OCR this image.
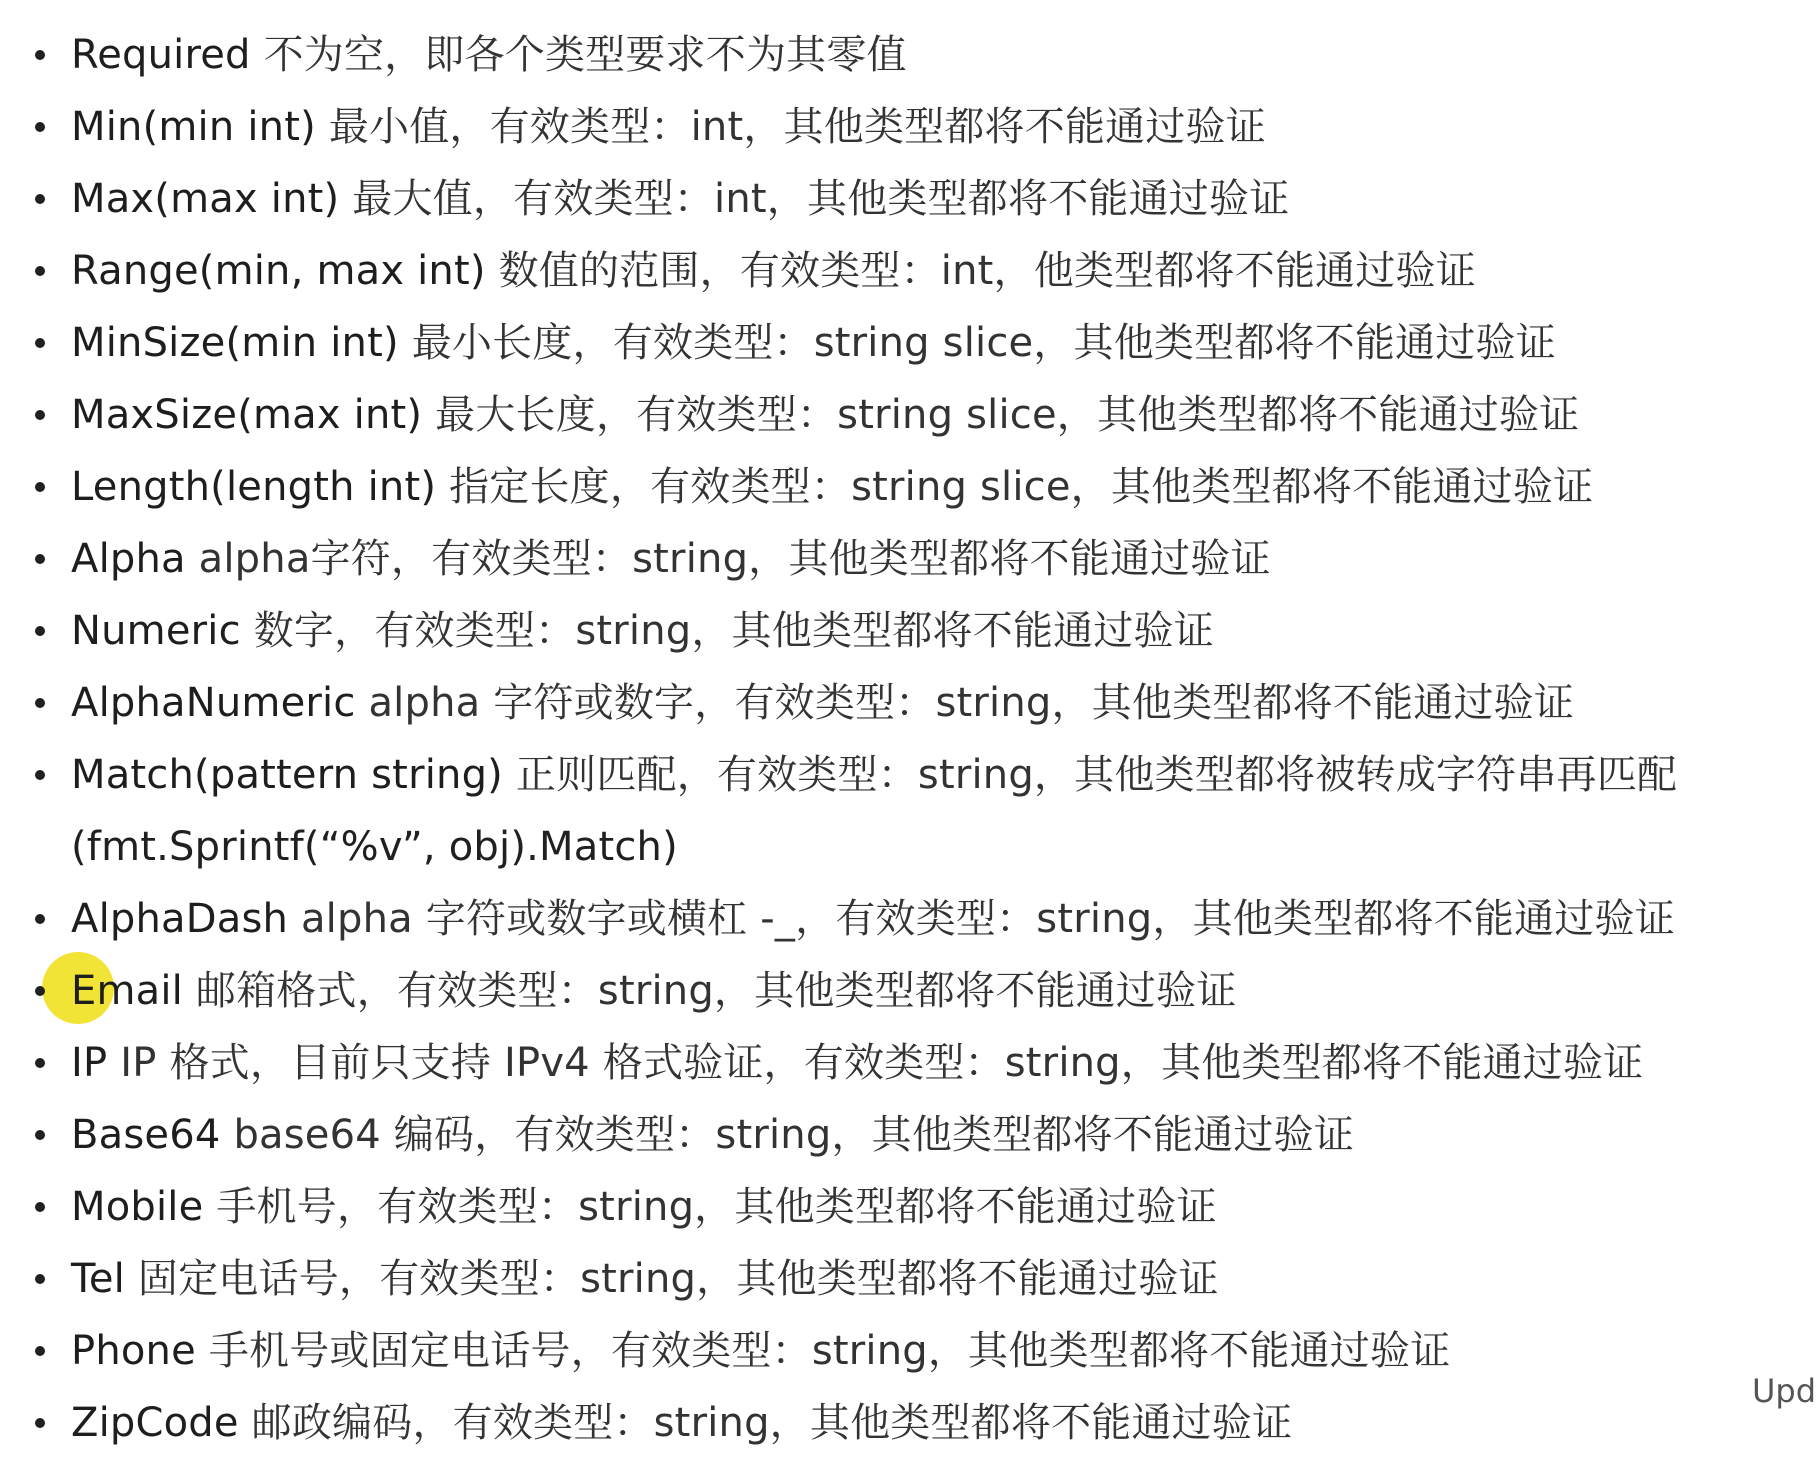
Required 不为空，即各个类型要求不为其零值
Min(min int) 最小值，有效类型：int，其他类型都将不能通过验证
Max(max int) 最大值，有效类型：int，其他类型都将不能通过验证
Range(min, max int) 数值的范围，有效类型：int，他类型都将不能通过验证
MinSize(min int) 最小长度，有效类型：string slice，其他类型都将不能通过验证
MaxSize(max int) 最大长度，有效类型：string slice，其他类型都将不能通过验证
Length(length int) 指定长度，有效类型：string slice，其他类型都将不能通过验证
Alpha alpha字符，有效类型：string，其他类型都将不能通过验证
Numeric 数字，有效类型：string，其他类型都将不能通过验证
AlphaNumeric alpha 字符或数字，有效类型：string，其他类型都将不能通过验证
Match(pattern string) 正则匹配，有效类型：string，其他类型都将被转成字符串再匹配
(fmt.Sprintf(“%v”, obj).Match)
AlphaDash alpha 字符或数字或横杠 -_，有效类型：string，其他类型都将不能通过验证
Email 邮箱格式，有效类型：string，其他类型都将不能通过验证
IP IP 格式，目前只支持 IPv4 格式验证，有效类型：string，其他类型都将不能通过验证
Base64 base64 编码，有效类型：string，其他类型都将不能通过验证
Mobile 手机号，有效类型：string，其他类型都将不能通过验证
Tel 固定电话号，有效类型：string，其他类型都将不能通过验证
Phone 手机号或固定电话号，有效类型：string，其他类型都将不能通过验证
ZipCode 邮政编码，有效类型：string，其他类型都将不能通过验证
Upd
